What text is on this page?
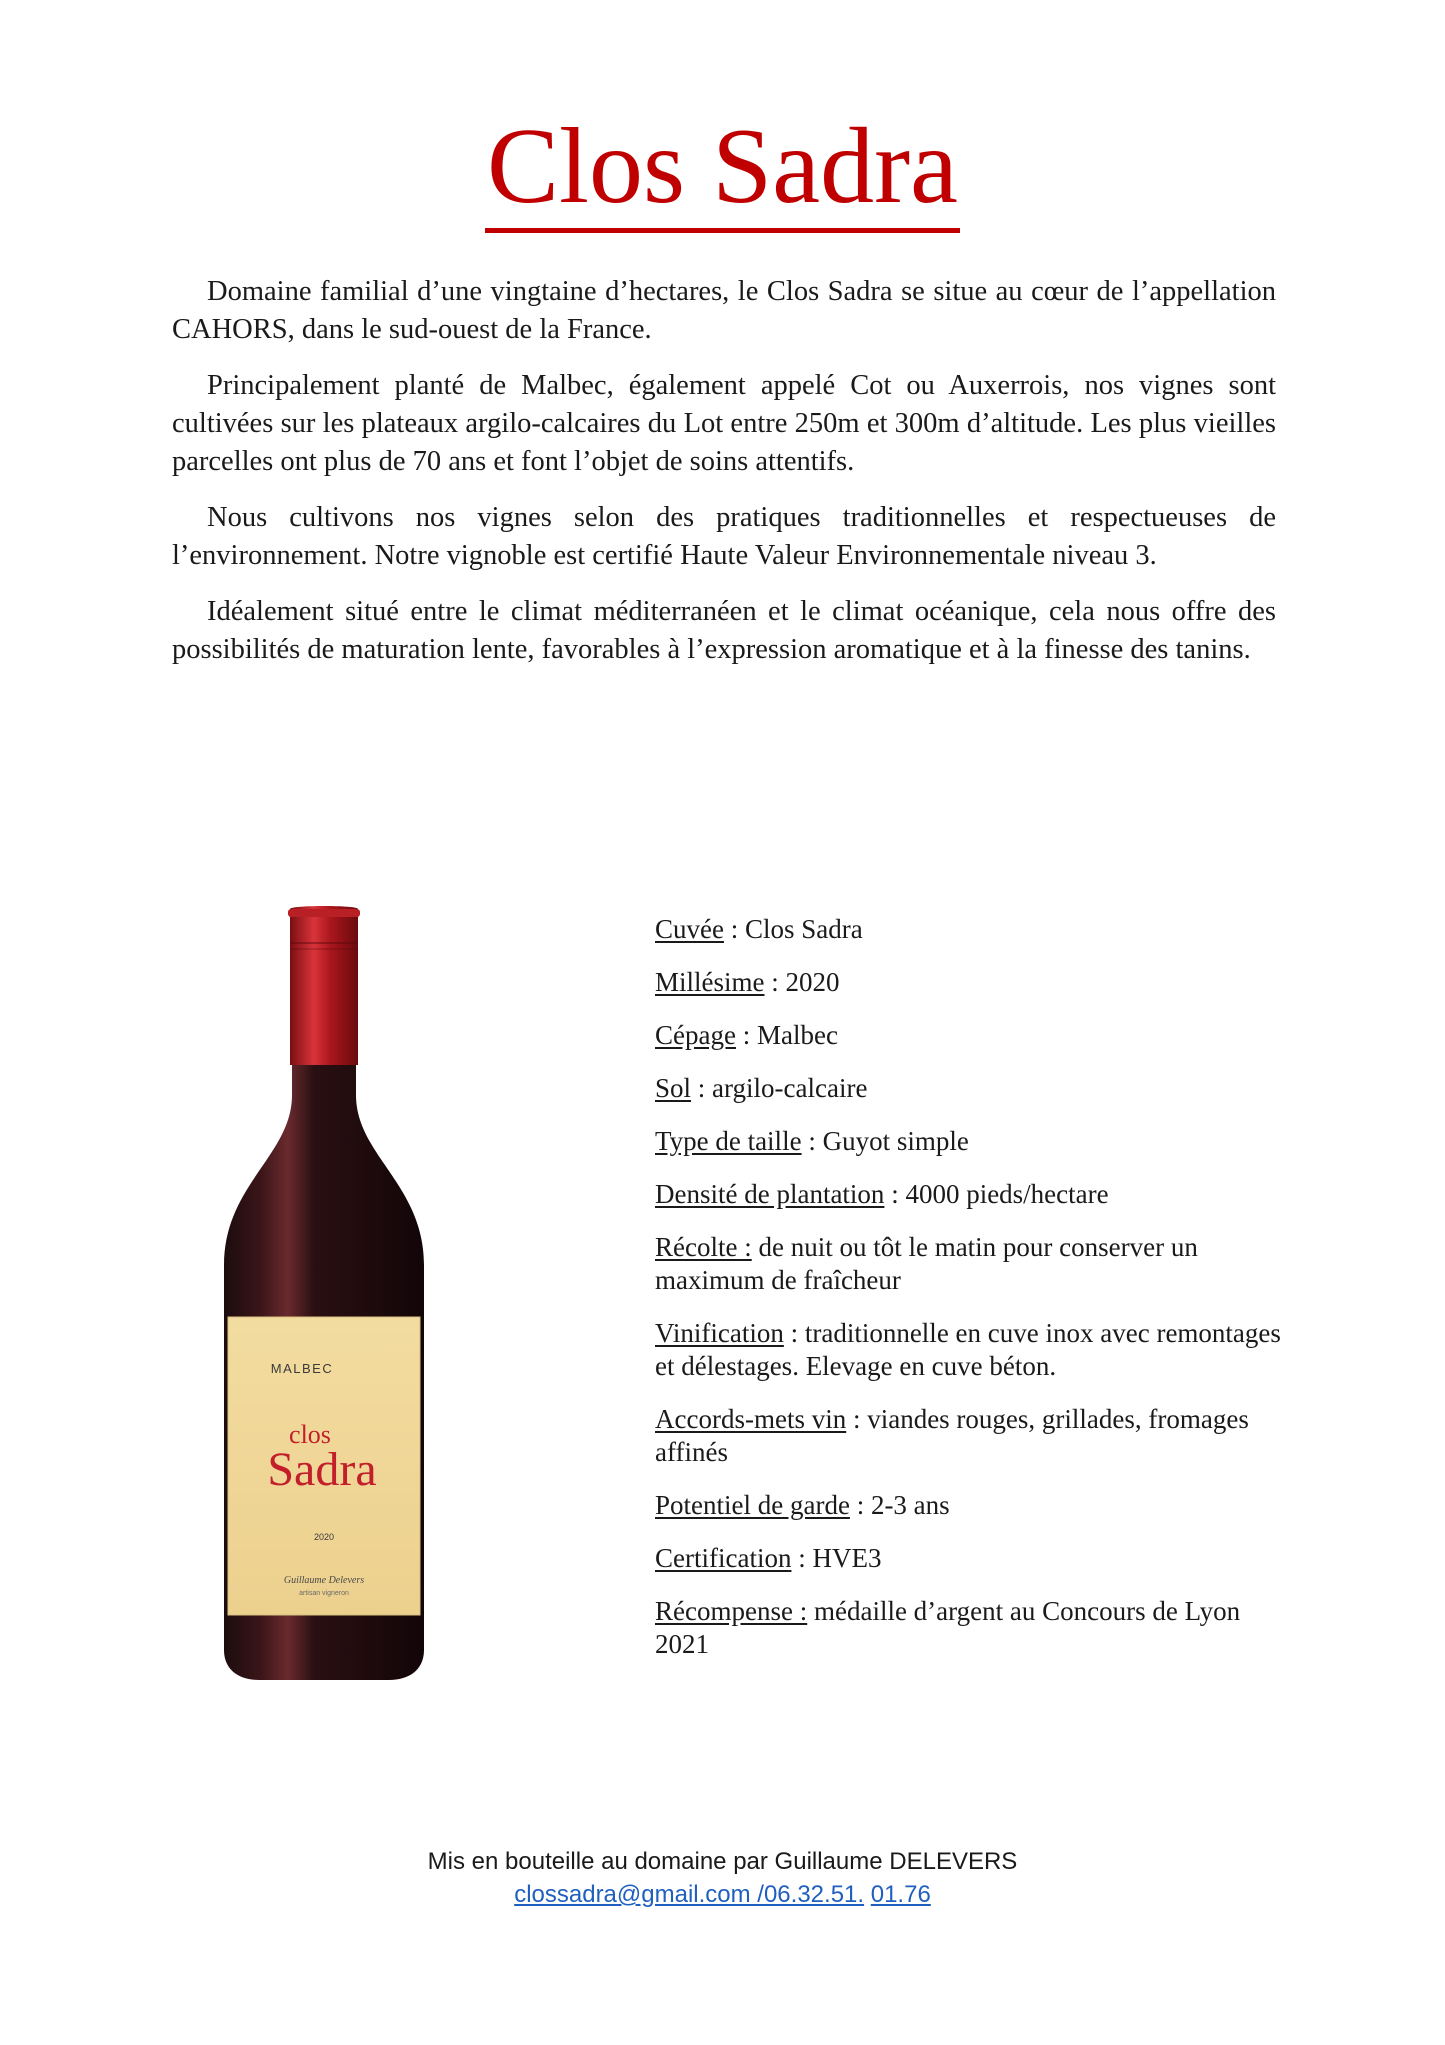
Clos Sadra

Domaine familial d’une vingtaine d’hectares, le Clos Sadra se situe au cœur de l’appellation CAHORS, dans le sud-ouest de la France.

Principalement planté de Malbec, également appelé Cot ou Auxerrois, nos vignes sont cultivées sur les plateaux argilo-calcaires du Lot entre 250m et 300m d’altitude. Les plus vieilles parcelles ont plus de 70 ans et font l’objet de soins attentifs.

Nous cultivons nos vignes selon des pratiques traditionnelles et respectueuses de l’environnement. Notre vignoble est certifié Haute Valeur Environnementale niveau 3.

Idéalement situé entre le climat méditerranéen et le climat océanique, cela nous offre des possibilités de maturation lente, favorables à l’expression aromatique et à la finesse des tanins.

MALBEC
clos
Sadra
2020
Guillaume Delevers
artisan vigneron

Cuvée : Clos Sadra

Millésime : 2020

Cépage : Malbec

Sol : argilo-calcaire

Type de taille : Guyot simple

Densité de plantation : 4000 pieds/hectare

Récolte : de nuit ou tôt le matin pour conserver un maximum de fraîcheur

Vinification : traditionnelle en cuve inox avec remontages et délestages. Elevage en cuve béton.

Accords-mets vin : viandes rouges, grillades, fromages affinés

Potentiel de garde : 2-3 ans

Certification : HVE3

Récompense : médaille d’argent au Concours de Lyon 2021

Mis en bouteille au domaine par Guillaume DELEVERS
clossadra@gmail.com /06.32.51. 01.76
